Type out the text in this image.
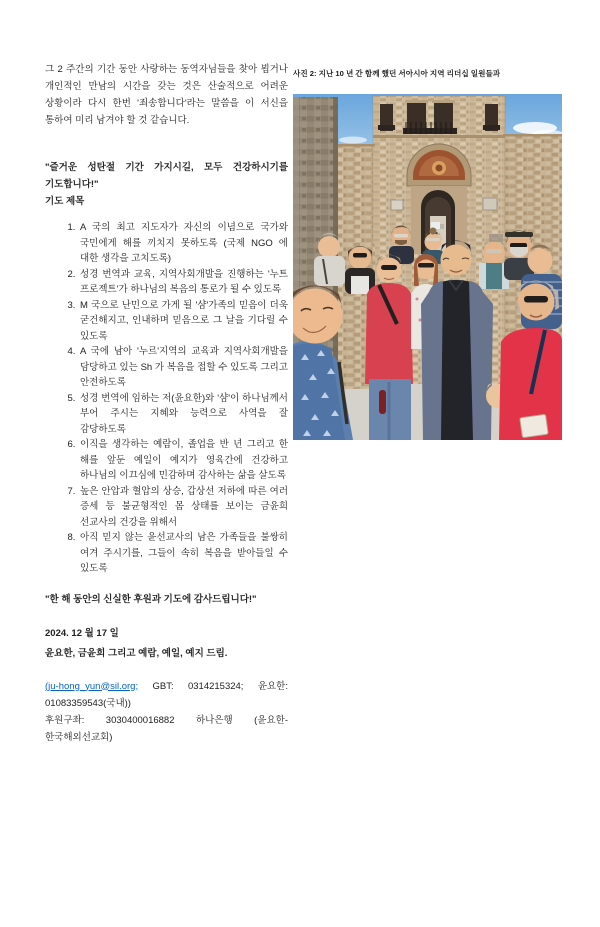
그 2 주간의 기간 동안 사랑하는 동역자님들을 찾아 뵙거나 개인적인 만남의 시간을 갖는 것은 산술적으로 어려운 상황이라 다시 한번 '죄송합니다'라는 말씀을 이 서신을 통하여 미리 남겨야 할 것 같습니다.

"즐거운 성탄절 기간 가지시길, 모두 건강하시기를 기도합니다!"

기도 제목

1. A 국의 최고 지도자가 자신의 이념으로 국가와 국민에게 해를 끼치지 못하도록 (국제 NGO 에 대한 생각을 고치도록)
2. 성경 번역과 교육, 지역사회개발을 진행하는 '누트 프로젝트'가 하나님의 복음의 통로가 될 수 있도록
3. M 국으로 난민으로 가게 될 '샴'가족의 믿음이 더욱 굳건해지고, 인내하며 믿음으로 그 날을 기다릴 수 있도록
4. A 국에 남아 '누르'지역의 교육과 지역사회개발을 담당하고 있는 Sh 가 복음을 접할 수 있도록 그리고 안전하도록
5. 성경 번역에 임하는 저(윤요한)와 '샴'이 하나님께서 부어 주시는 지혜와 능력으로 사역을 잘 감당하도록
6. 이직을 생각하는 예람이, 졸업을 반 년 그리고 한 해를 앞둔 예일이 예지가 영육간에 건강하고 하나님의 이끄심에 민감하며 감사하는 삶을 살도록
7. 높은 안압과 혈압의 상승, 갑상선 저하에 따른 여러 증세 등 불균형적인 몸 상태를 보이는 금윤희 선교사의 건강을 위해서
8. 아직 믿지 않는 윤선교사의 남은 가족들을 불쌍히 여겨 주시기를, 그들이 속히 복음을 받아들일 수 있도록

"한 해 동안의 신실한 후원과 기도에 감사드립니다!"

2024. 12 월 17 일

윤요한, 금윤희 그리고 예람, 예일, 예지 드림.

(ju-hong_yun@sil.org; GBT: 0314215324; 윤요한: 01083359543(국내))

후원구좌: 3030400016882 하나은행 (윤요한-한국해외선교회)

사진 2: 지난 10 년 간 함께 했던 서아시아 지역 리더십 일원들과
